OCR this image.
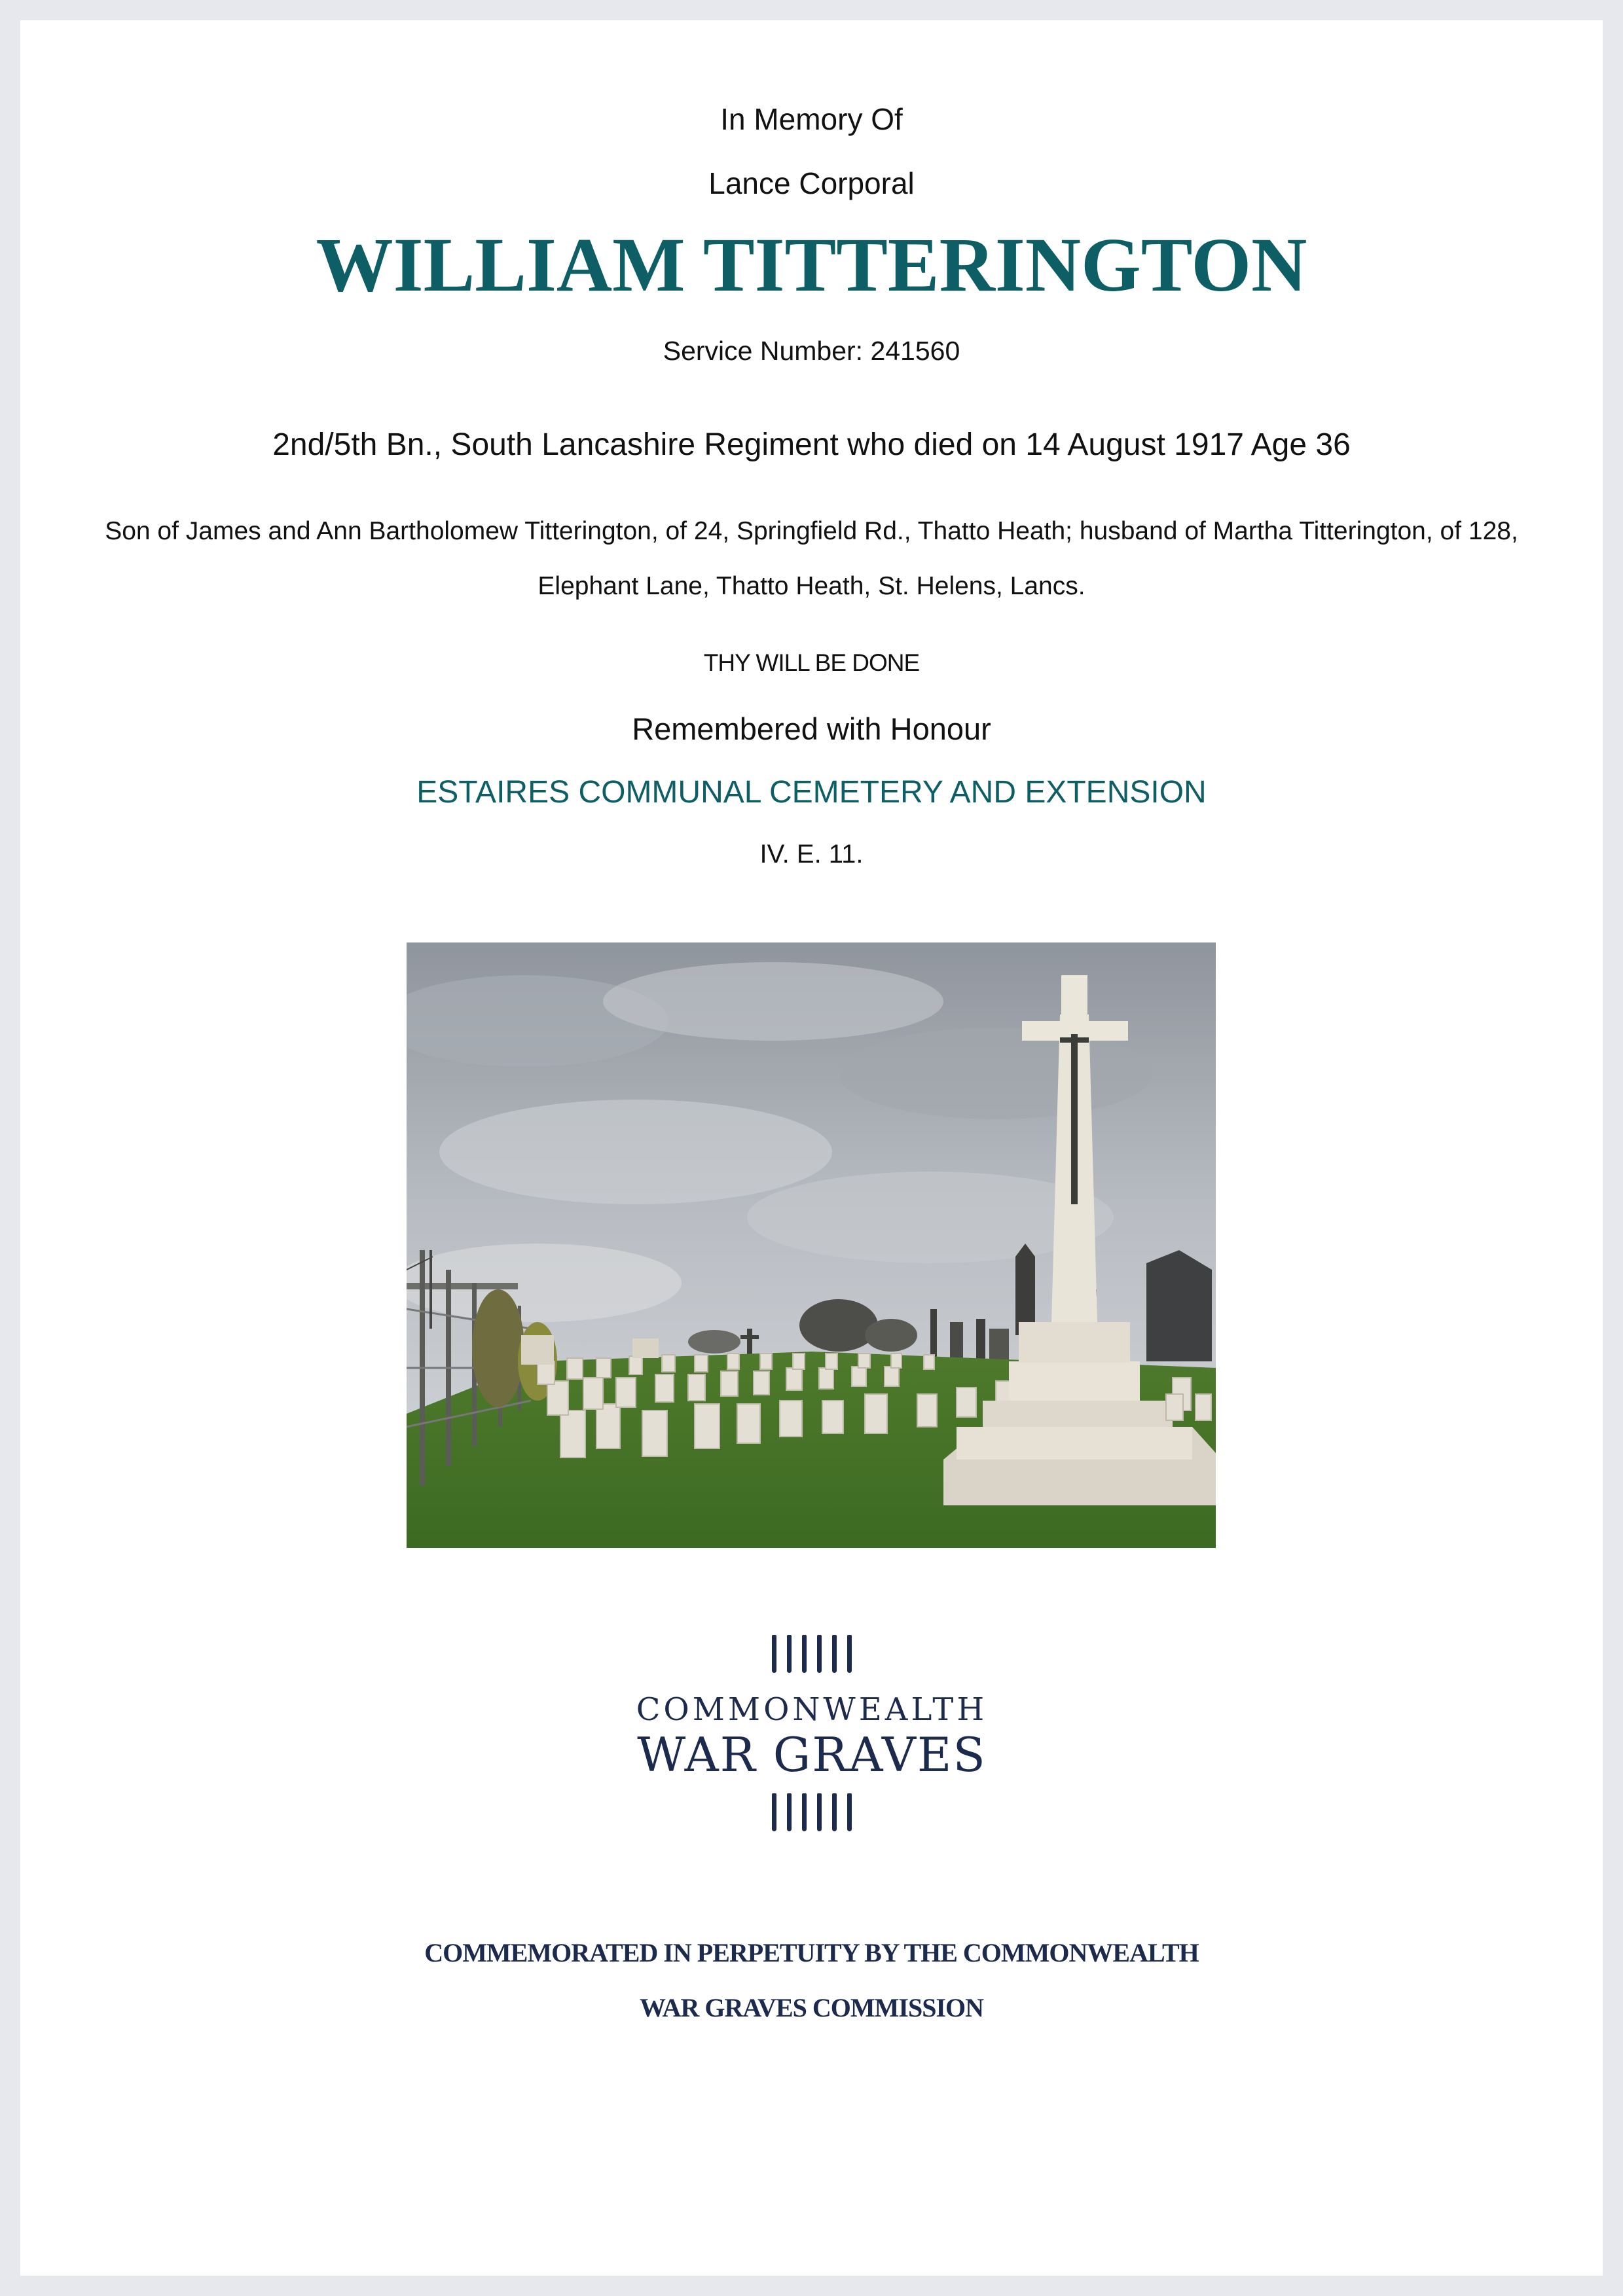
In Memory Of
Lance Corporal
WILLIAM TITTERINGTON
Service Number: 241560
2nd/5th Bn., South Lancashire Regiment who died on 14 August 1917 Age 36
Son of James and Ann Bartholomew Titterington, of 24, Springfield Rd., Thatto Heath; husband of Martha Titterington, of 128,
Elephant Lane, Thatto Heath, St. Helens, Lancs.
THY WILL BE DONE
Remembered with Honour
ESTAIRES COMMUNAL CEMETERY AND EXTENSION
IV. E. 11.
COMMONWEALTH
WAR GRAVES
COMMEMORATED IN PERPETUITY BY THE COMMONWEALTH
WAR GRAVES COMMISSION
